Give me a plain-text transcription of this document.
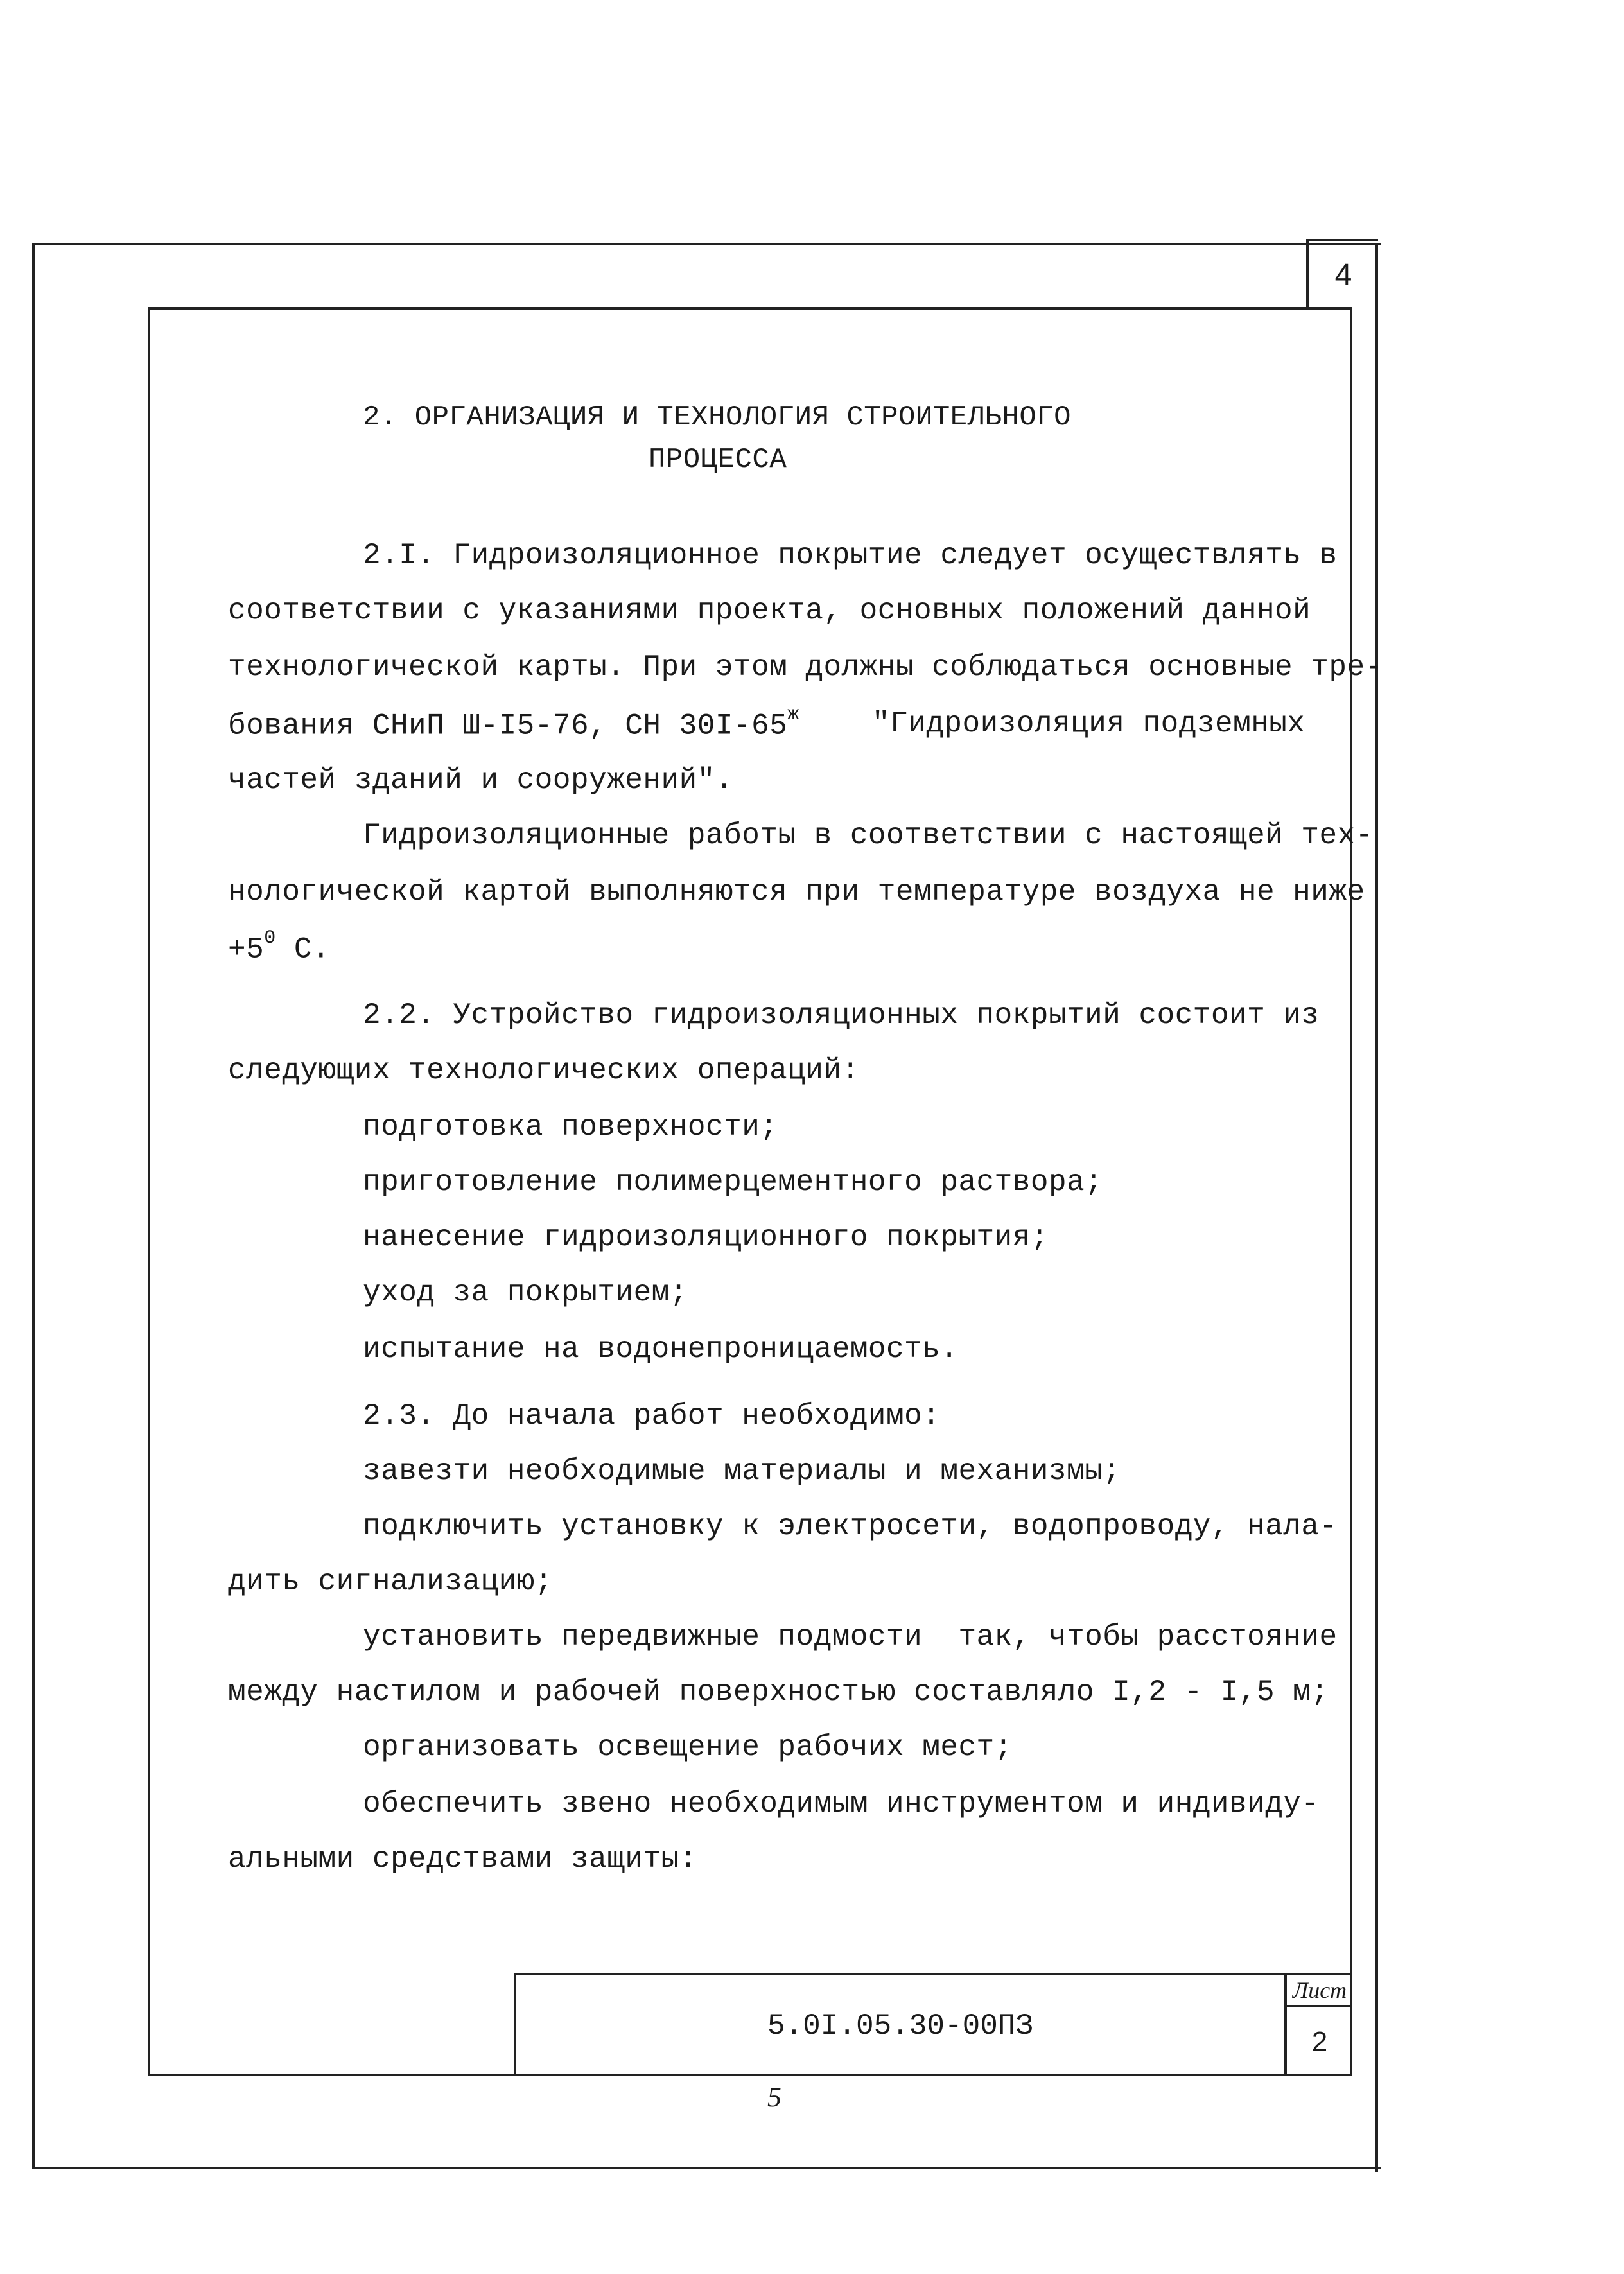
4
2. ОРГАНИЗАЦИЯ И ТЕХНОЛОГИЯ СТРОИТЕЛЬНОГО
ПРОЦЕССА
2.I. Гидроизоляционное покрытие следует осуществлять в
соответствии с указаниями проекта, основных положений данной
технологической карты. При этом должны соблюдаться основные тре-
бования СНиП Ш-I5-76, СН $30I-65^ж$ "Гидроизоляция подземных
частей зданий и сооружений".
Гидроизоляционные работы в соответствии с настоящей тех-
нологической картой выполняются при температуре воздуха не ниже
$+5^0$ С.
2.2. Устройство гидроизоляционных покрытий состоит из
следующих технологических операций:
подготовка поверхности;
приготовление полимерцементного раствора;
нанесение гидроизоляционного покрытия;
уход за покрытием;
испытание на водонепроницаемость.
2.3. До начала работ необходимо:
завезти необходимые материалы и механизмы;
подключить установку к электросети, водопроводу, нала-
дить сигнализацию;
установить передвижные подмости  так, чтобы расстояние
между настилом и рабочей поверхностью составляло I,2 - I,5 м;
организовать освещение рабочих мест;
обеспечить звено необходимым инструментом и индивиду-
альными средствами защиты:
5.0I.05.30-00ПЗ
Лист
2
5
